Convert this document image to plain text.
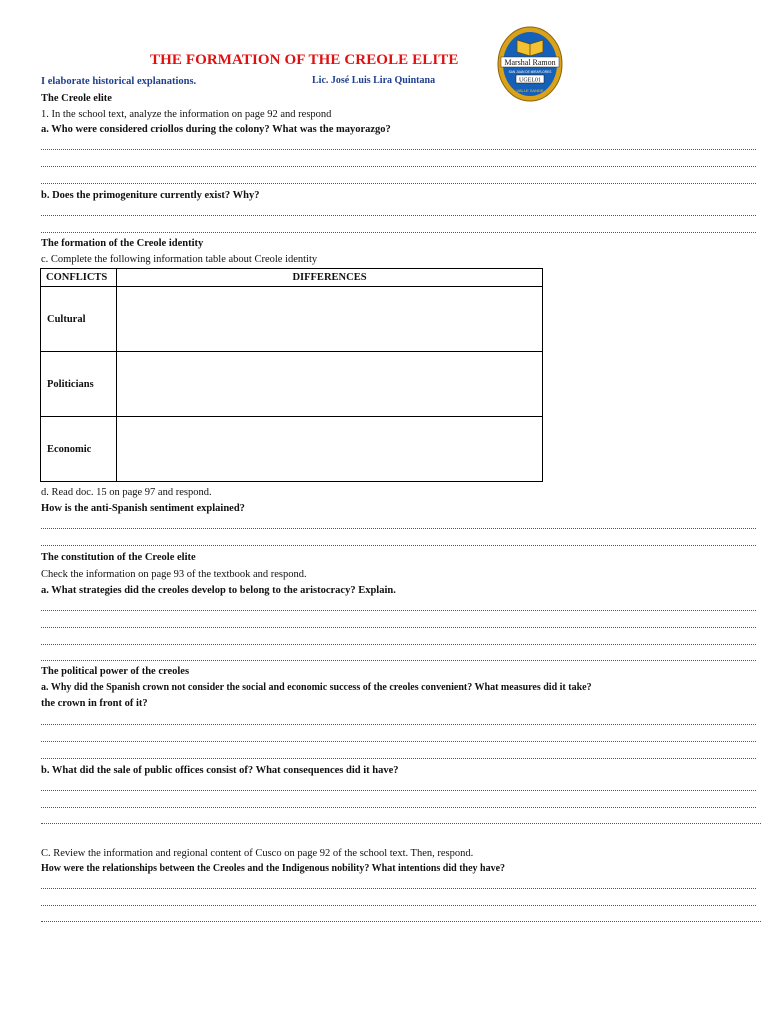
THE FORMATION OF THE CREOLE ELITE
I elaborate historical explanations.	Lic. José Luis Lira Quintana
Marshal Ramon
SAN JUAN DE MIRAFLORES
UGEL01
VALLE SANDE
The Creole elite
1. In the school text, analyze the information on page 92 and respond
a. Who were considered criollos during the colony? What was the mayorazgo?
b. Does the primogeniture currently exist? Why?
The formation of the Creole identity
c. Complete the following information table about Creole identity
CONFLICTS	DIFFERENCES
Cultural	
Politicians	
Economic	
d. Read doc. 15 on page 97 and respond.
How is the anti-Spanish sentiment explained?
The constitution of the Creole elite
Check the information on page 93 of the textbook and respond.
a. What strategies did the creoles develop to belong to the aristocracy? Explain.
The political power of the creoles
a. Why did the Spanish crown not consider the social and economic success of the creoles convenient? What measures did it take?
the crown in front of it?
b. What did the sale of public offices consist of? What consequences did it have?
C. Review the information and regional content of Cusco on page 92 of the school text. Then, respond.
How were the relationships between the Creoles and the Indigenous nobility? What intentions did they have?
